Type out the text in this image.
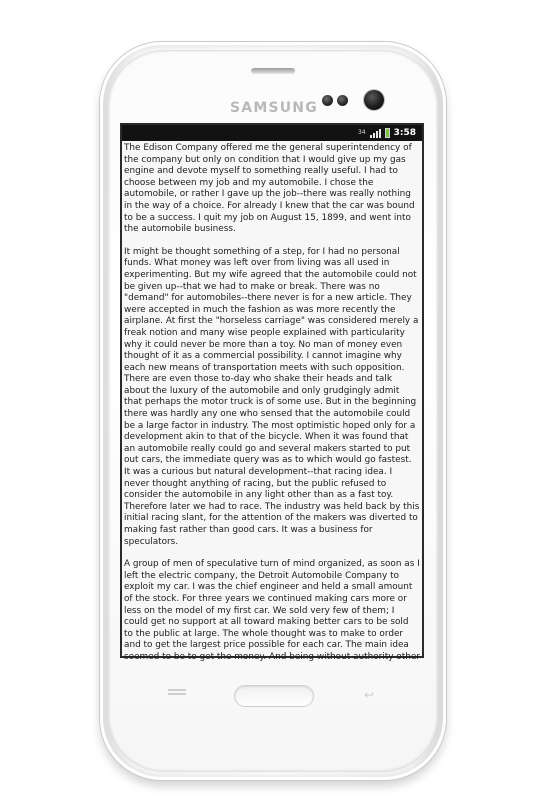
SAMSUNG
34	3:58

The Edison Company offered me the general superintendency of the company but only on condition that I would give up my gas engine and devote myself to something really useful. I had to choose between my job and my automobile. I chose the automobile, or rather I gave up the job--there was really nothing in the way of a choice. For already I knew that the car was bound to be a success. I quit my job on August 15, 1899, and went into the automobile business.

It might be thought something of a step, for I had no personal funds. What money was left over from living was all used in experimenting. But my wife agreed that the automobile could not be given up--that we had to make or break. There was no "demand" for automobiles--there never is for a new article. They were accepted in much the fashion as was more recently the airplane. At first the "horseless carriage" was considered merely a freak notion and many wise people explained with particularity why it could never be more than a toy. No man of money even thought of it as a commercial possibility. I cannot imagine why each new means of transportation meets with such opposition. There are even those to-day who shake their heads and talk about the luxury of the automobile and only grudgingly admit that perhaps the motor truck is of some use. But in the beginning there was hardly any one who sensed that the automobile could be a large factor in industry. The most optimistic hoped only for a development akin to that of the bicycle. When it was found that an automobile really could go and several makers started to put out cars, the immediate query was as to which would go fastest. It was a curious but natural development--that racing idea. I never thought anything of racing, but the public refused to consider the automobile in any light other than as a fast toy. Therefore later we had to race. The industry was held back by this initial racing slant, for the attention of the makers was diverted to making fast rather than good cars. It was a business for speculators.

A group of men of speculative turn of mind organized, as soon as I left the electric company, the Detroit Automobile Company to exploit my car. I was the chief engineer and held a small amount of the stock. For three years we continued making cars more or less on the model of my first car. We sold very few of them; I could get no support at all toward making better cars to be sold to the public at large. The whole thought was to make to order and to get the largest price possible for each car. The main idea seemed to be to get the money. And being without authority other

↩
